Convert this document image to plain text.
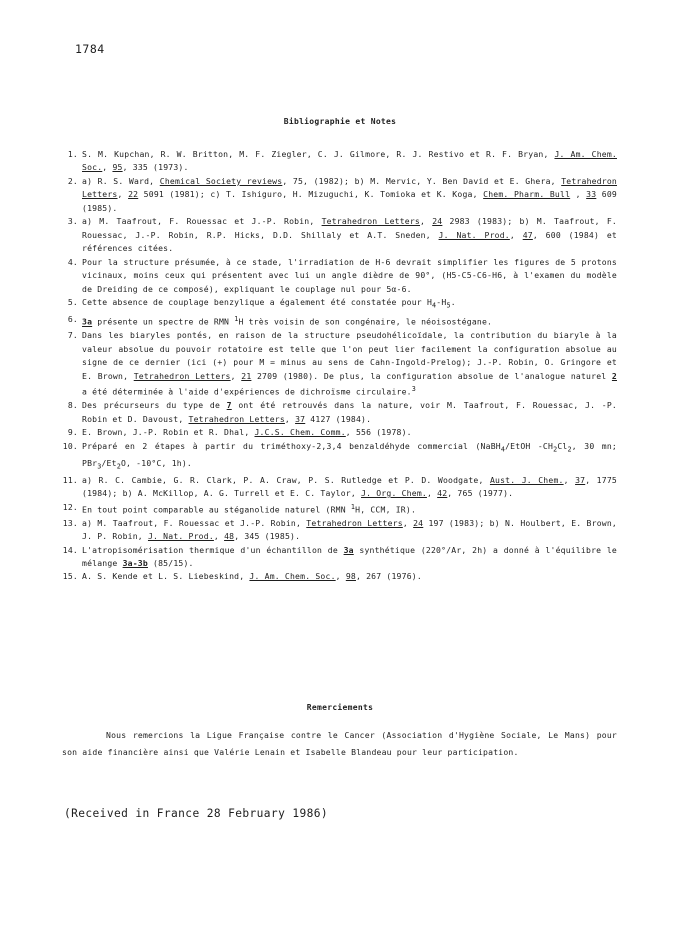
1784
Bibliographie et Notes
1. S. M. Kupchan, R. W. Britton, M. F. Ziegler, C. J. Gilmore, R. J. Restivo et R. F. Bryan, J. Am. Chem. Soc., 95, 335 (1973).
2. a) R. S. Ward, Chemical Society reviews, 75, (1982); b) M. Mervic, Y. Ben David et E. Ghera, Tetrahedron Letters, 22 5091 (1981); c) T. Ishiguro, H. Mizuguchi, K. Tomioka et K. Koga, Chem. Pharm. Bull , 33 609 (1985).
3. a) M. Taafrout, F. Rouessac et J.-P. Robin, Tetrahedron Letters, 24 2983 (1983); b) M. Taafrout, F. Rouessac, J.-P. Robin, R.P. Hicks, D.D. Shillaly et A.T. Sneden, J. Nat. Prod., 47, 600 (1984) et références citées.
4. Pour la structure présumée, à ce stade, l'irradiation de H-6 devrait simplifier les figures de 5 protons vicinaux, moins ceux qui présentent avec lui un angle dièdre de 90°, (H5-C5-C6-H6, à l'examen du modèle de Dreiding de ce composé), expliquant le couplage nul pour 5α-6.
5. Cette absence de couplage benzylique a également été constatée pour $H_4-H_5$.
6. 3a présente un spectre de RMN $^1$H très voisin de son congénaire, le néoisostégane.
7. Dans les biaryles pontés, en raison de la structure pseudohélicoïdale, la contribution du biaryle à la valeur absolue du pouvoir rotatoire est telle que l'on peut lier facilement la configuration absolue au signe de ce dernier (ici (+) pour M = minus au sens de Cahn-Ingold-Prelog); J.-P. Robin, O. Gringore et E. Brown, Tetrahedron Letters, 21 2709 (1980). De plus, la configuration absolue de l'analogue naturel 2 a été déterminée à l'aide d'expériences de dichroïsme circulaire.$^3$
8. Des précurseurs du type de 7 ont été retrouvés dans la nature, voir M. Taafrout, F. Rouessac, J. -P. Robin et D. Davoust, Tetrahedron Letters, 37 4127 (1984).
9. E. Brown, J.-P. Robin et R. Dhal, J.C.S. Chem. Comm., 556 (1978).
10. Préparé en 2 étapes à partir du triméthoxy-2,3,4 benzaldéhyde commercial (NaBH$_4$/EtOH $-CH_2Cl_2$, 30 mn; $PBr_3/Et_2O$, -10°C, 1h).
11. a) R. C. Cambie, G. R. Clark, P. A. Craw, P. S. Rutledge et P. D. Woodgate, Aust. J. Chem., 37, 1775 (1984); b) A. McKillop, A. G. Turrell et E. C. Taylor, J. Org. Chem., 42, 765 (1977).
12. En tout point comparable au stéganolide naturel (RMN $^1$H, CCM, IR).
13. a) M. Taafrout, F. Rouessac et J.-P. Robin, Tetrahedron Letters, 24 197 (1983); b) N. Houlbert, E. Brown, J. P. Robin, J. Nat. Prod., 48, 345 (1985).
14. L'atropisomérisation thermique d'un échantillon de 3a synthétique (220°/Ar, 2h) a donné à l'équilibre le mélange 3a-3b (85/15).
15. A. S. Kende et L. S. Liebeskind, J. Am. Chem. Soc., 98, 267 (1976).
Remerciements

Nous remercions la Ligue Française contre le Cancer (Association d'Hygiène Sociale, Le Mans) pour son aide financière ainsi que Valérie Lenain et Isabelle Blandeau pour leur participation.

(Received in France 28 February 1986)
